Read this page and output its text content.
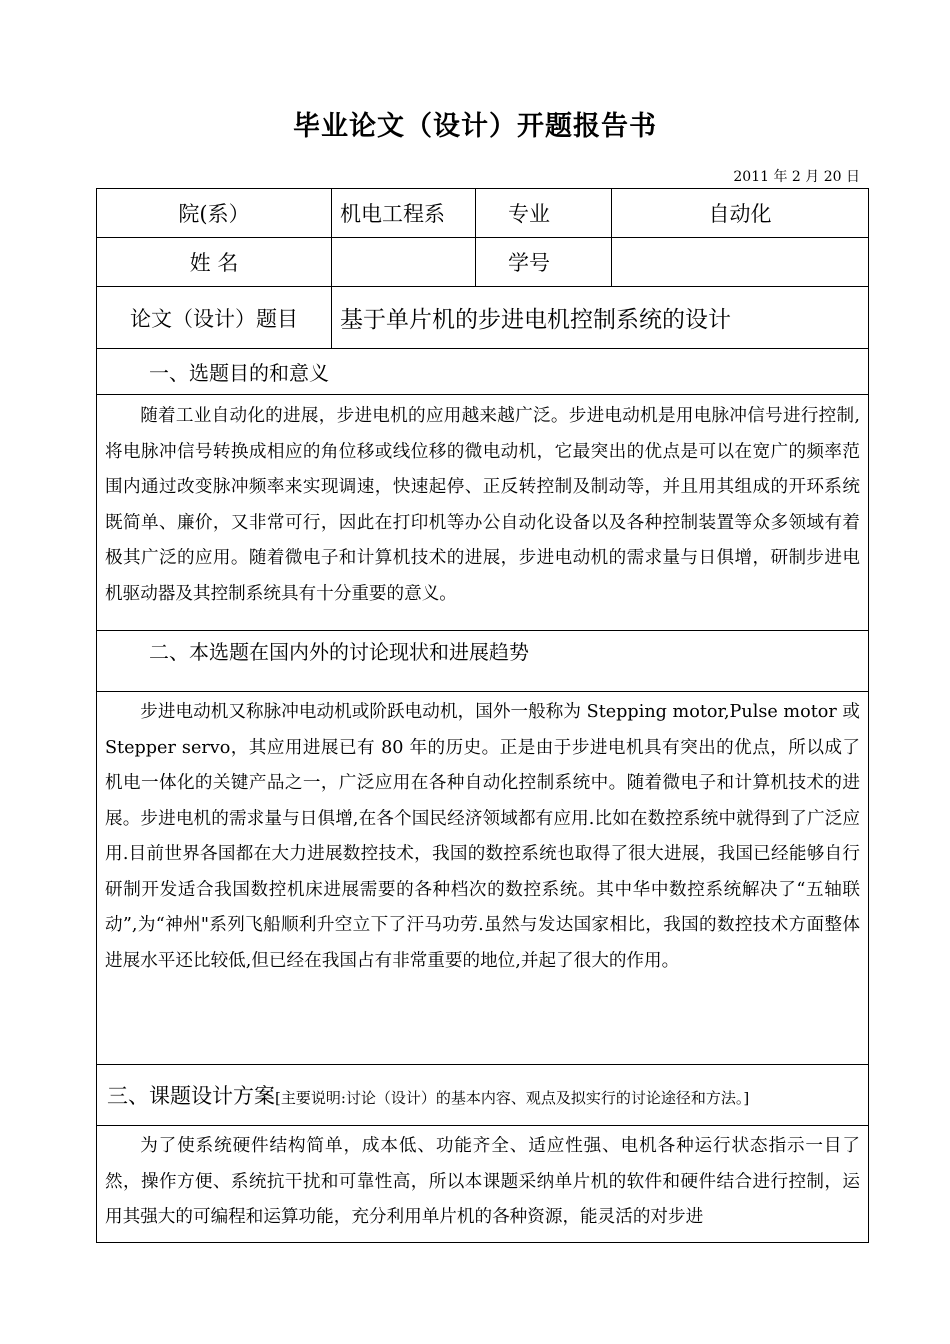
毕业论文（设计）开题报告书

2011 年 2 月 20 日

院(系）	机电工程系	专业	自动化
姓 名		学号	
论文（设计）题目	基于单片机的步进电机控制系统的设计		
一、选题目的和意义			

随着工业自动化的进展，步进电机的应用越来越广泛。步进电动机是用电脉冲信号进行控制,将电脉冲信号转换成相应的角位移或线位移的微电动机，它最突出的优点是可以在宽广的频率范围内通过改变脉冲频率来实现调速，快速起停、正反转控制及制动等，并且用其组成的开环系统既简单、廉价，又非常可行，因此在打印机等办公自动化设备以及各种控制装置等众多领域有着极其广泛的应用。随着微电子和计算机技术的进展，步进电动机的需求量与日俱增，研制步进电机驱动器及其控制系统具有十分重要的意义。			

二、本选题在国内外的讨论现状和进展趋势			

步进电动机又称脉冲电动机或阶跃电动机，国外一般称为 Stepping motor,Pulse motor 或 Stepper servo，其应用进展已有 80 年的历史。正是由于步进电机具有突出的优点，所以成了机电一体化的关键产品之一，广泛应用在各种自动化控制系统中。随着微电子和计算机技术的进展。步进电机的需求量与日俱增,在各个国民经济领域都有应用.比如在数控系统中就得到了广泛应用.目前世界各国都在大力进展数控技术，我国的数控系统也取得了很大进展，我国已经能够自行研制开发适合我国数控机床进展需要的各种档次的数控系统。其中华中数控系统解决了“五轴联动”,为“神州"系列飞船顺利升空立下了汗马功劳.虽然与发达国家相比，我国的数控技术方面整体进展水平还比较低,但已经在我国占有非常重要的地位,并起了很大的作用。			

三、课题设计方案[主要说明:讨论（设计）的基本内容、观点及拟实行的讨论途径和方法。]			

为了使系统硬件结构简单，成本低、功能齐全、适应性强、电机各种运行状态指示一目了然，操作方便、系统抗干扰和可靠性高，所以本课题采纳单片机的软件和硬件结合进行控制，运用其强大的可编程和运算功能，充分利用单片机的各种资源，能灵活的对步进			
